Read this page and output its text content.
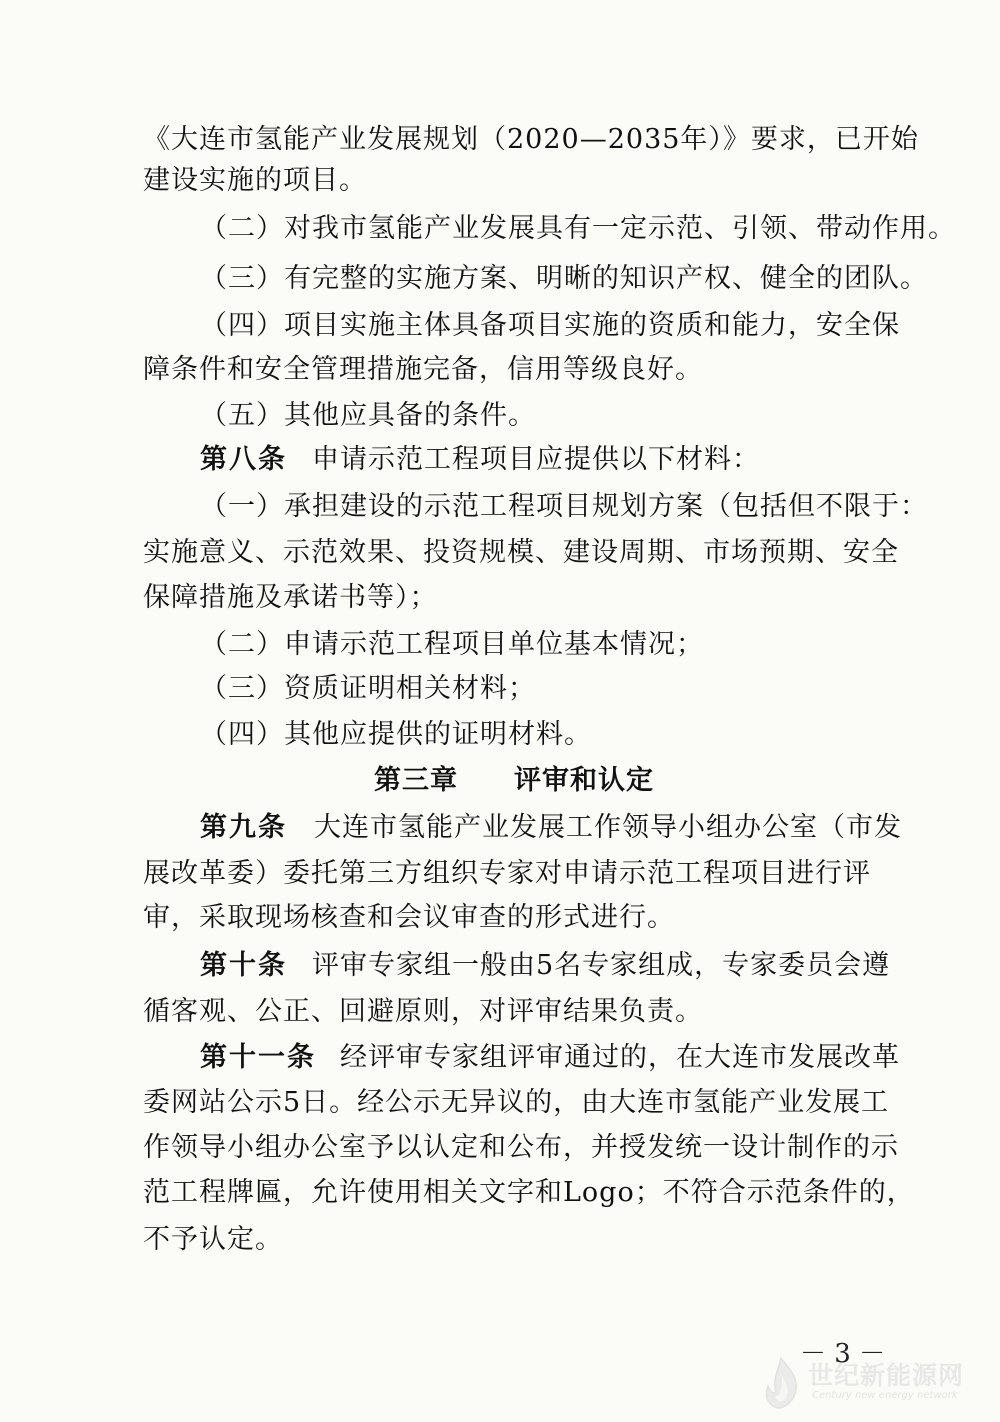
《大连市氢能产业发展规划（2020—2035年）》要求，已开始
建设实施的项目。
（二）对我市氢能产业发展具有一定示范、引领、带动作用。
（三）有完整的实施方案、明晰的知识产权、健全的团队。
（四）项目实施主体具备项目实施的资质和能力，安全保
障条件和安全管理措施完备，信用等级良好。
（五）其他应具备的条件。
第八条 申请示范工程项目应提供以下材料：
（一）承担建设的示范工程项目规划方案（包括但不限于：
实施意义、示范效果、投资规模、建设周期、市场预期、安全
保障措施及承诺书等）；
（二）申请示范工程项目单位基本情况；
（三）资质证明相关材料；
（四）其他应提供的证明材料。
第三章　　评审和认定
第九条 大连市氢能产业发展工作领导小组办公室（市发
展改革委）委托第三方组织专家对申请示范工程项目进行评
审，采取现场核查和会议审查的形式进行。
第十条 评审专家组一般由5名专家组成，专家委员会遵
循客观、公正、回避原则，对评审结果负责。
第十一条 经评审专家组评审通过的，在大连市发展改革
委网站公示5日。经公示无异议的，由大连市氢能产业发展工
作领导小组办公室予以认定和公布，并授发统一设计制作的示
范工程牌匾，允许使用相关文字和Logo；不符合示范条件的，
不予认定。
－ 3 －
世纪新能源网
Century new energy network
